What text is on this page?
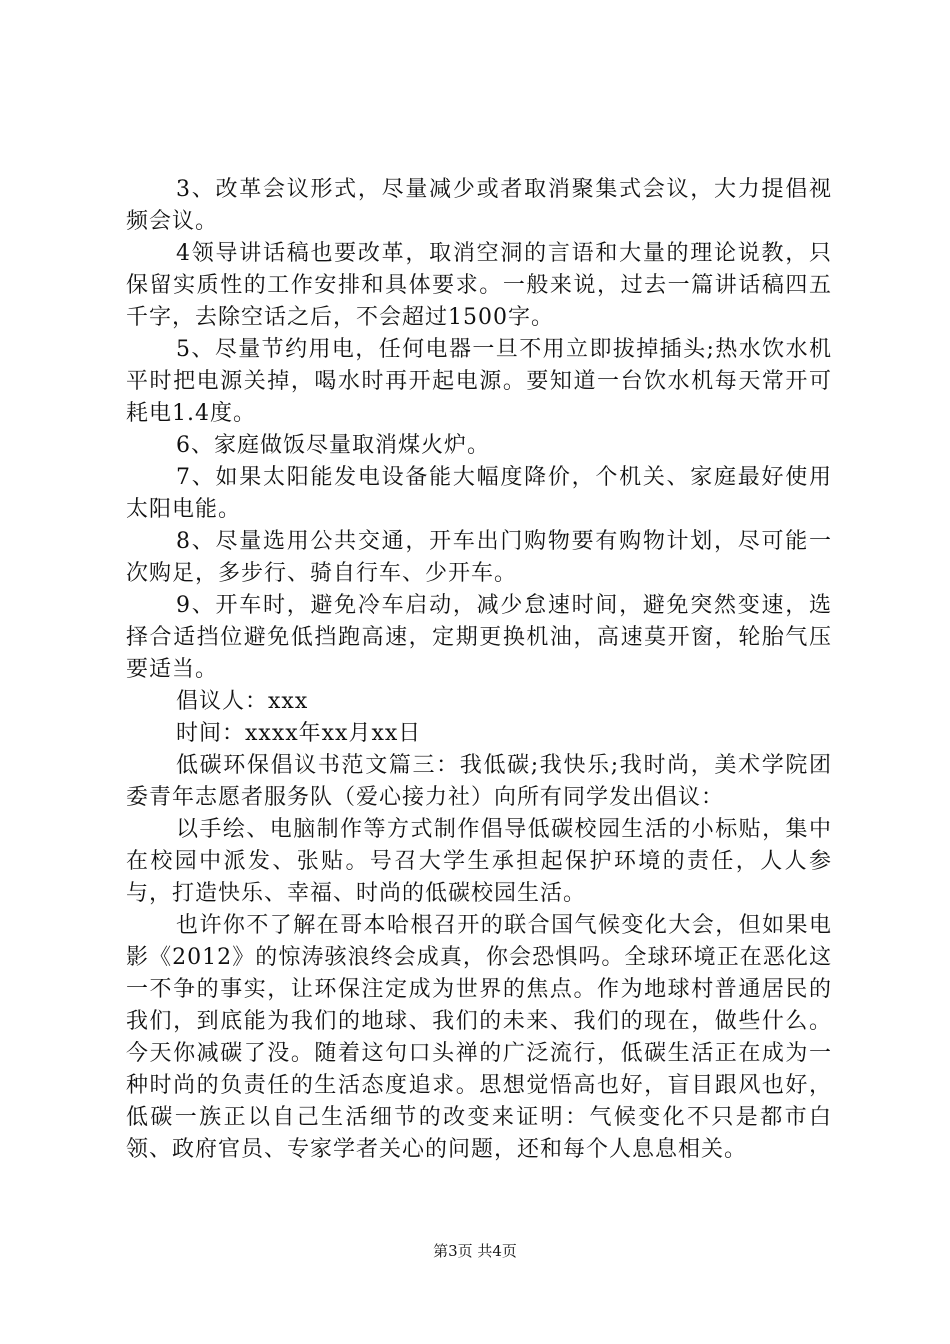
3、改革会议形式，尽量减少或者取消聚集式会议，大力提倡视频会议。

4领导讲话稿也要改革，取消空洞的言语和大量的理论说教，只保留实质性的工作安排和具体要求。一般来说，过去一篇讲话稿四五千字，去除空话之后，不会超过1500字。

5、尽量节约用电，任何电器一旦不用立即拔掉插头;热水饮水机平时把电源关掉，喝水时再开起电源。要知道一台饮水机每天常开可耗电1.4度。

6、家庭做饭尽量取消煤火炉。

7、如果太阳能发电设备能大幅度降价，个机关、家庭最好使用太阳电能。

8、尽量选用公共交通，开车出门购物要有购物计划，尽可能一次购足，多步行、骑自行车、少开车。

9、开车时，避免冷车启动，减少怠速时间，避免突然变速，选择合适挡位避免低挡跑高速，定期更换机油，高速莫开窗，轮胎气压要适当。

倡议人：xxx

时间：xxxx年xx月xx日

低碳环保倡议书范文篇三：我低碳;我快乐;我时尚，美术学院团委青年志愿者服务队（爱心接力社）向所有同学发出倡议：

以手绘、电脑制作等方式制作倡导低碳校园生活的小标贴，集中在校园中派发、张贴。号召大学生承担起保护环境的责任，人人参与，打造快乐、幸福、时尚的低碳校园生活。

也许你不了解在哥本哈根召开的联合国气候变化大会，但如果电影《2012》的惊涛骇浪终会成真，你会恐惧吗。全球环境正在恶化这一不争的事实，让环保注定成为世界的焦点。作为地球村普通居民的我们，到底能为我们的地球、我们的未来、我们的现在，做些什么。今天你减碳了没。随着这句口头禅的广泛流行，低碳生活正在成为一种时尚的负责任的生活态度追求。思想觉悟高也好，盲目跟风也好，低碳一族正以自己生活细节的改变来证明：气候变化不只是都市白领、政府官员、专家学者关心的问题，还和每个人息息相关。

第3页 共4页
